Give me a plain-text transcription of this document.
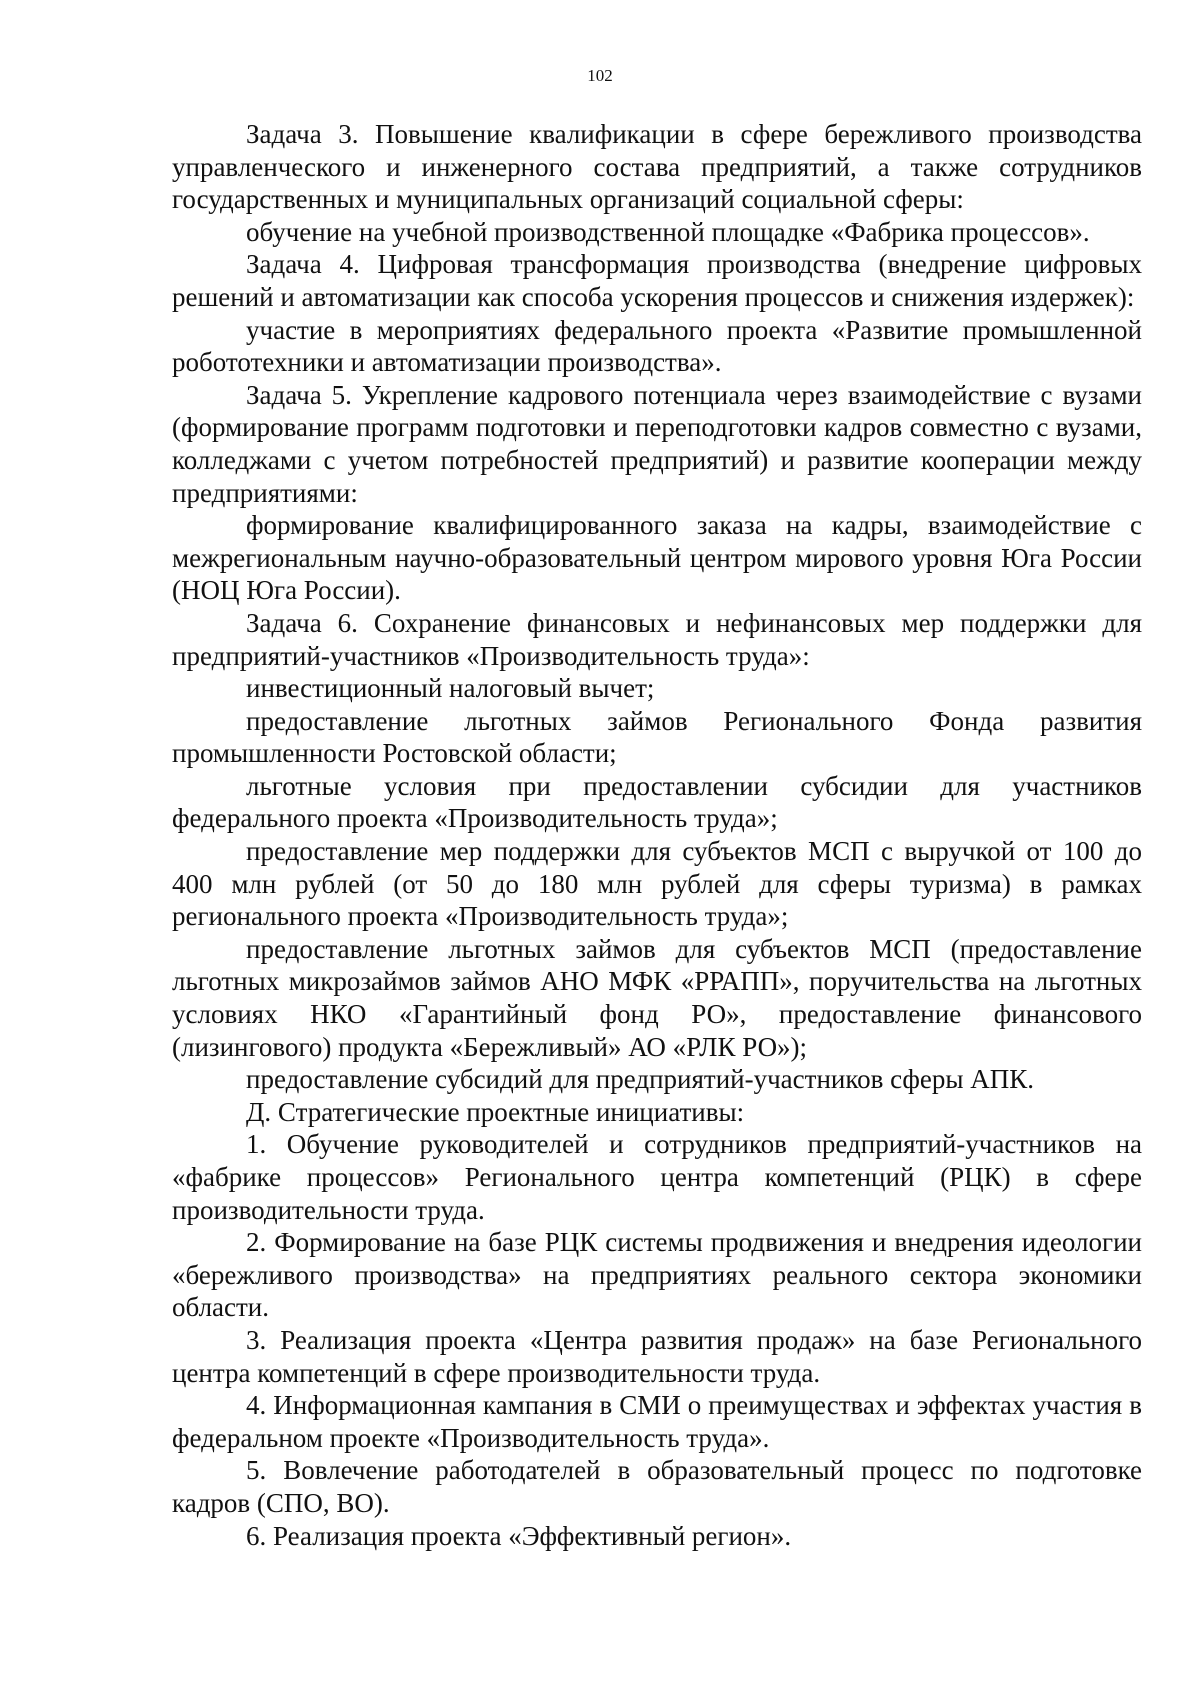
102

Задача 3. Повышение квалификации в сфере бережливого производства управленческого и инженерного состава предприятий, а также сотрудников государственных и муниципальных организаций социальной сферы:

обучение на учебной производственной площадке «Фабрика процессов».

Задача 4. Цифровая трансформация производства (внедрение цифровых решений и автоматизации как способа ускорения процессов и снижения издержек):

участие в мероприятиях федерального проекта «Развитие промышленной робототехники и автоматизации производства».

Задача 5. Укрепление кадрового потенциала через взаимодействие с вузами (формирование программ подготовки и переподготовки кадров совместно с вузами, колледжами с учетом потребностей предприятий) и развитие кооперации между предприятиями:

формирование квалифицированного заказа на кадры, взаимодействие с межрегиональным научно-образовательный центром мирового уровня Юга России (НОЦ Юга России).

Задача 6. Сохранение финансовых и нефинансовых мер поддержки для предприятий-участников «Производительность труда»:

инвестиционный налоговый вычет;

предоставление льготных займов Регионального Фонда развития промышленности Ростовской области;

льготные условия при предоставлении субсидии для участников федерального проекта «Производительность труда»;

предоставление мер поддержки для субъектов МСП с выручкой от 100 до 400 млн рублей (от 50 до 180 млн рублей для сферы туризма) в рамках регионального проекта «Производительность труда»;

предоставление льготных займов для субъектов МСП (предоставление льготных микрозаймов займов АНО МФК «РРАПП», поручительства на льготных условиях НКО «Гарантийный фонд РО», предоставление финансового (лизингового) продукта «Бережливый» АО «РЛК РО»);

предоставление субсидий для предприятий-участников сферы АПК.

Д. Стратегические проектные инициативы:

1. Обучение руководителей и сотрудников предприятий-участников на «фабрике процессов» Регионального центра компетенций (РЦК) в сфере производительности труда.

2. Формирование на базе РЦК системы продвижения и внедрения идеологии «бережливого производства» на предприятиях реального сектора экономики области.

3. Реализация проекта «Центра развития продаж» на базе Регионального центра компетенций в сфере производительности труда.

4. Информационная кампания в СМИ о преимуществах и эффектах участия в федеральном проекте «Производительность труда».

5. Вовлечение работодателей в образовательный процесс по подготовке кадров (СПО, ВО).

6. Реализация проекта «Эффективный регион».
